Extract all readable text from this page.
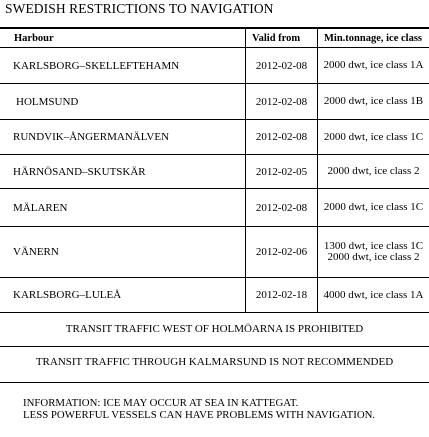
SWEDISH RESTRICTIONS TO NAVIGATION
Harbour	Valid from	Min.tonnage, ice class
KARLSBORG–SKELLEFTEHAMN	2012-02-08	2000 dwt, ice class 1A
HOLMSUND	2012-02-08	2000 dwt, ice class 1B
RUNDVIK–ÅNGERMANÄLVEN	2012-02-08	2000 dwt, ice class 1C
HÄRNÖSAND–SKUTSKÄR	2012-02-05	2000 dwt, ice class 2
MÄLAREN	2012-02-08	2000 dwt, ice class 1C
VÄNERN	2012-02-06	1300 dwt, ice class 1C
2000 dwt, ice class 2
KARLSBORG–LULEÅ	2012-02-18	4000 dwt, ice class 1A
TRANSIT TRAFFIC WEST OF HOLMÖARNA IS PROHIBITED
TRANSIT TRAFFIC THROUGH KALMARSUND IS NOT RECOMMENDED
INFORMATION: ICE MAY OCCUR AT SEA IN KATTEGAT.
LESS POWERFUL VESSELS CAN HAVE PROBLEMS WITH NAVIGATION.
